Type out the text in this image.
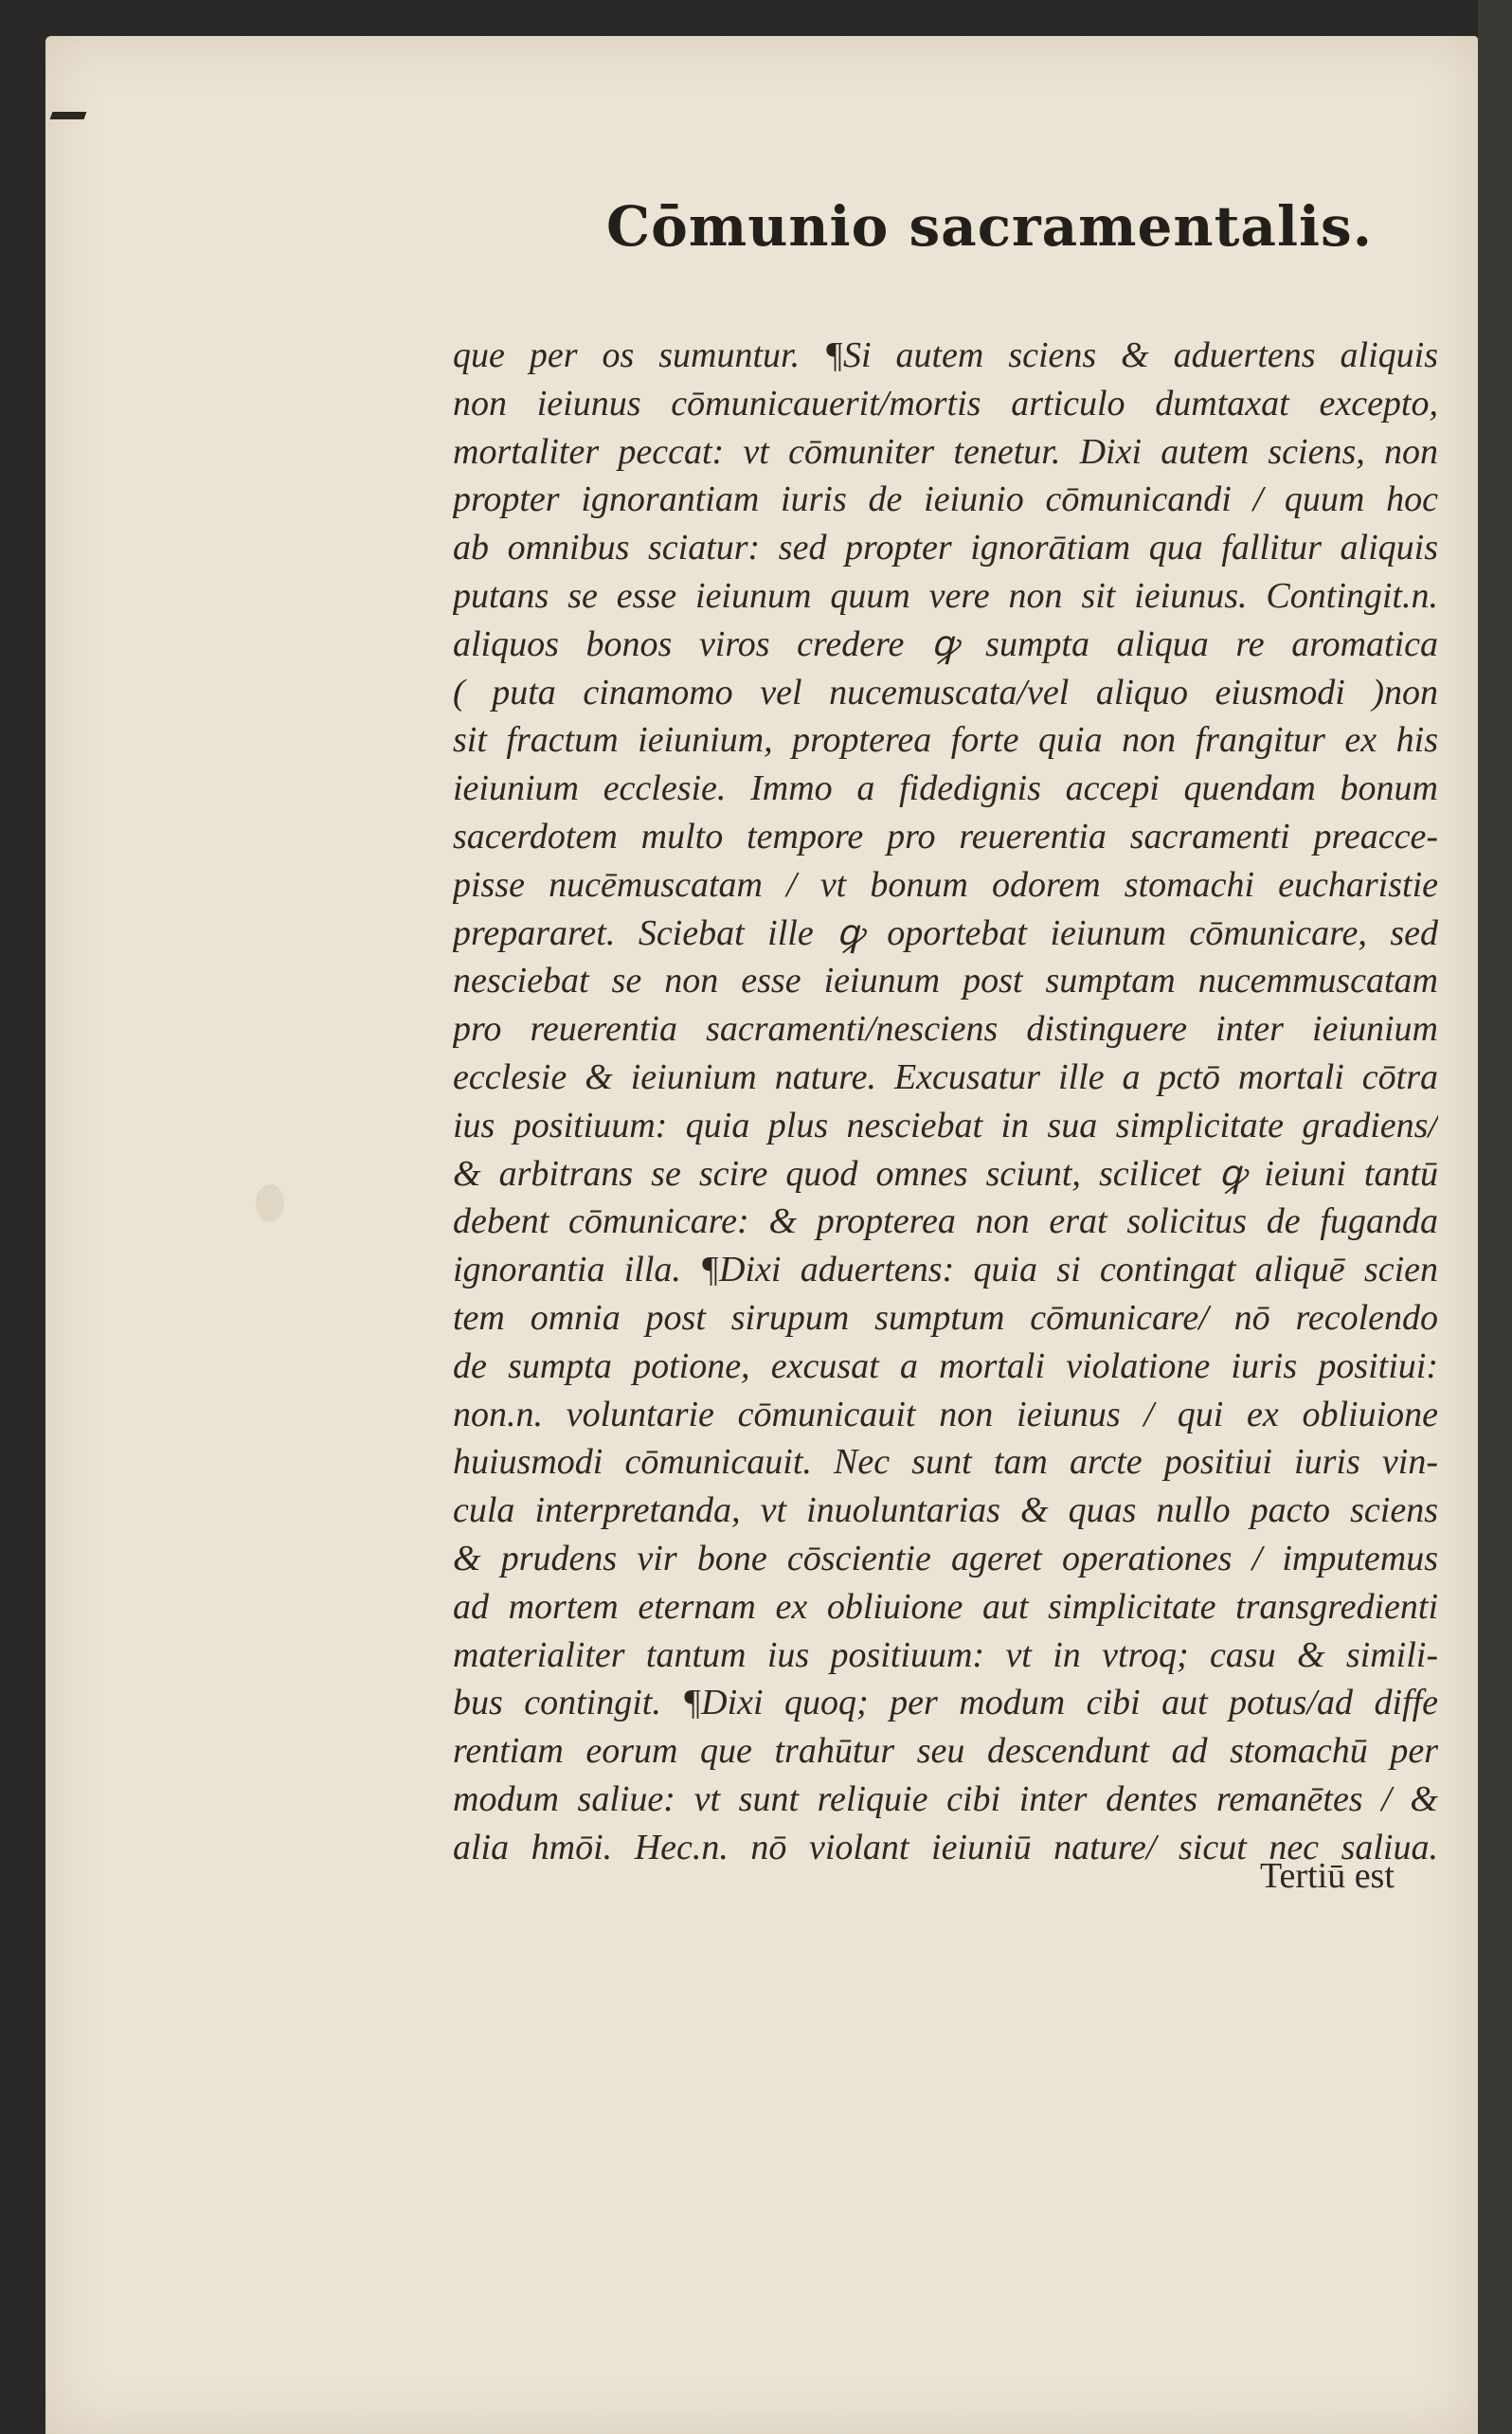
Cōmunio sacramentalis.
que per os sumuntur. ¶Si autem sciens & aduertens aliquis
non ieiunus cōmunicauerit/mortis articulo dumtaxat excepto,
mortaliter peccat: vt cōmuniter tenetur. Dixi autem sciens, non
propter ignorantiam iuris de ieiunio cōmunicandi / quum hoc
ab omnibus sciatur: sed propter ignorātiam qua fallitur aliquis
putans se esse ieiunum quum vere non sit ieiunus. Contingit.n.
aliquos bonos viros credere ꝙ sumpta aliqua re aromatica
( puta cinamomo vel nucemuscata/vel aliquo eiusmodi )non
sit fractum ieiunium, propterea forte quia non frangitur ex his
ieiunium ecclesie. Immo a fidedignis accepi quendam bonum
sacerdotem multo tempore pro reuerentia sacramenti preacce-
pisse nucēmuscatam / vt bonum odorem stomachi eucharistie
prepararet. Sciebat ille ꝙ oportebat ieiunum cōmunicare, sed
nesciebat se non esse ieiunum post sumptam nucemmuscatam
pro reuerentia sacramenti/nesciens distinguere inter ieiunium
ecclesie & ieiunium nature. Excusatur ille a pctō mortali cōtra
ius positiuum: quia plus nesciebat in sua simplicitate gradiens/
& arbitrans se scire quod omnes sciunt, scilicet ꝙ ieiuni tantū
debent cōmunicare: & propterea non erat solicitus de fuganda
ignorantia illa. ¶Dixi aduertens: quia si contingat aliquē scien
tem omnia post sirupum sumptum cōmunicare/ nō recolendo
de sumpta potione, excusat a mortali violatione iuris positiui:
non.n. voluntarie cōmunicauit non ieiunus / qui ex obliuione
huiusmodi cōmunicauit. Nec sunt tam arcte positiui iuris vin-
cula interpretanda, vt inuoluntarias & quas nullo pacto sciens
& prudens vir bone cōscientie ageret operationes / imputemus
ad mortem eternam ex obliuione aut simplicitate transgredienti
materialiter tantum ius positiuum: vt in vtroq; casu & simili-
bus contingit. ¶Dixi quoq; per modum cibi aut potus/ad diffe
rentiam eorum que trahūtur seu descendunt ad stomachū per
modum saliue: vt sunt reliquie cibi inter dentes remanētes / &
alia hmōi. Hec.n. nō violant ieiuniū nature/ sicut nec saliua.
Tertiū est
